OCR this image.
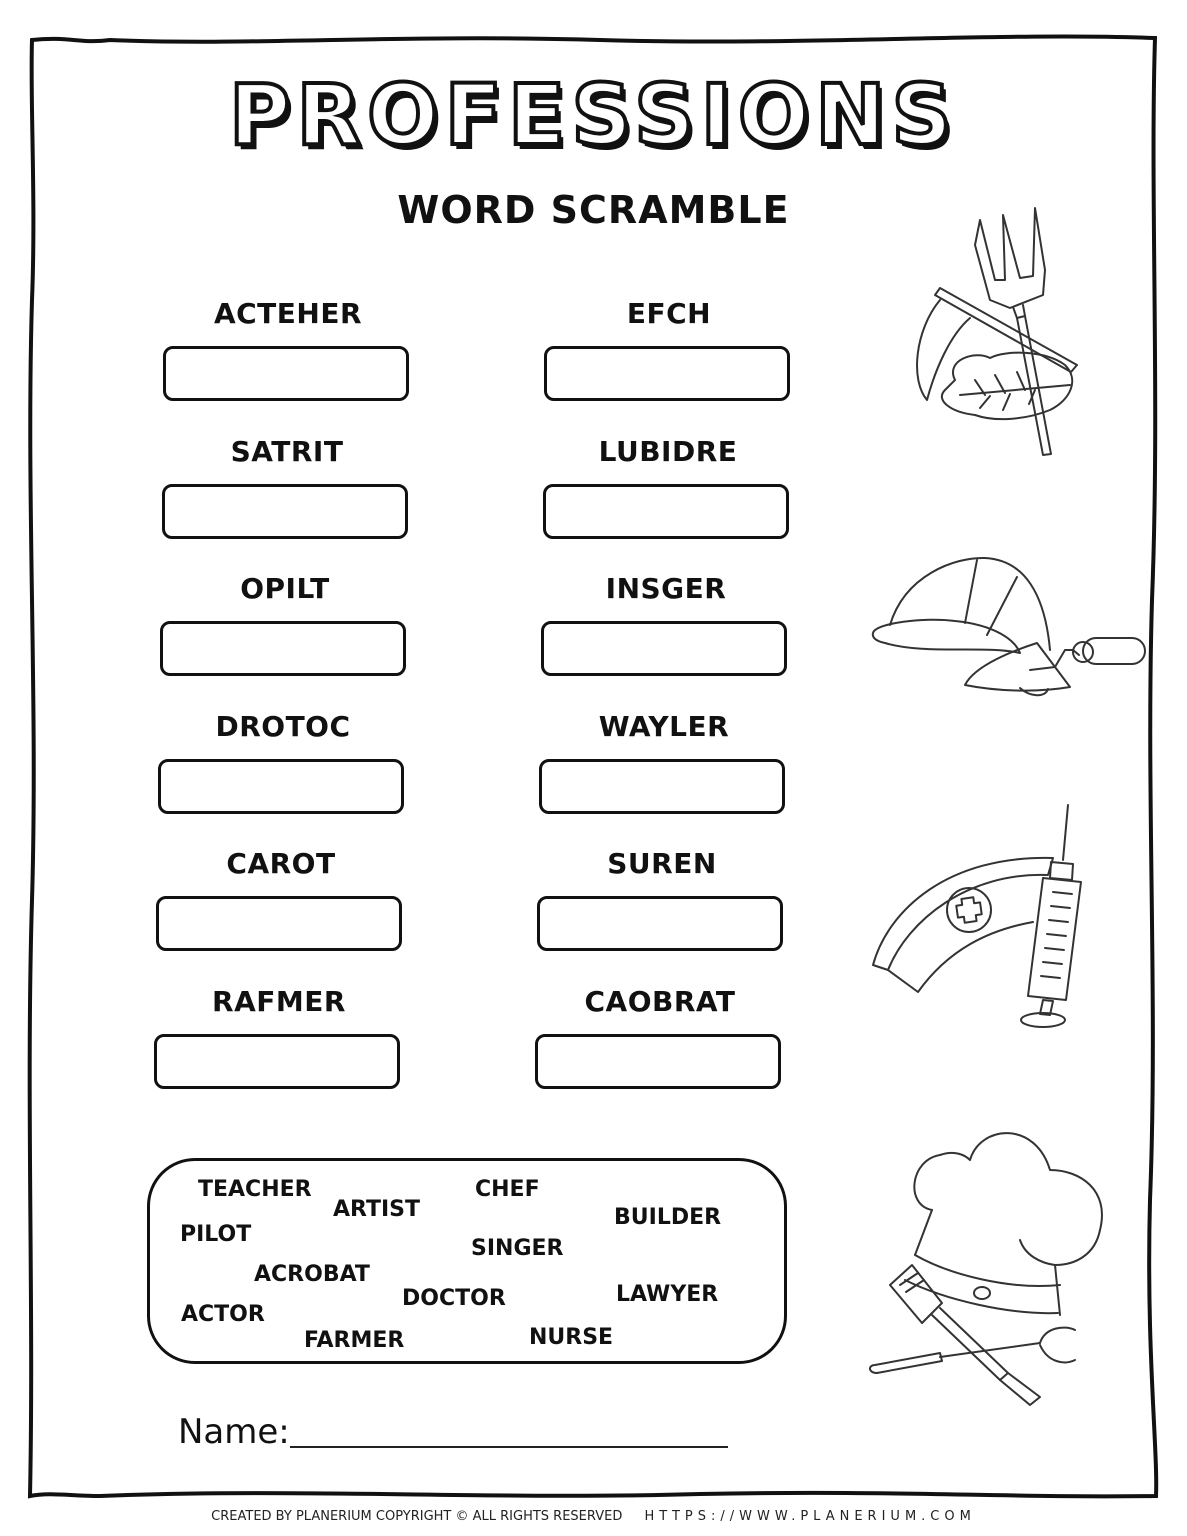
PROFESSIONS
WORD SCRAMBLE
ACTEHER	EFCH
SATRIT	LUBIDRE
OPILT	INSGER
DROTOC	WAYLER
CAROT	SUREN
RAFMER	CAOBRAT
TEACHER
ARTIST
CHEF
BUILDER
PILOT
SINGER
ACROBAT
DOCTOR	LAWYER
ACTOR
FARMER	NURSE
Name:
CREATED BY PLANERIUM COPYRIGHT © ALL RIGHTS RESERVED HTTPS://WWW.PLANERIUM.COM
